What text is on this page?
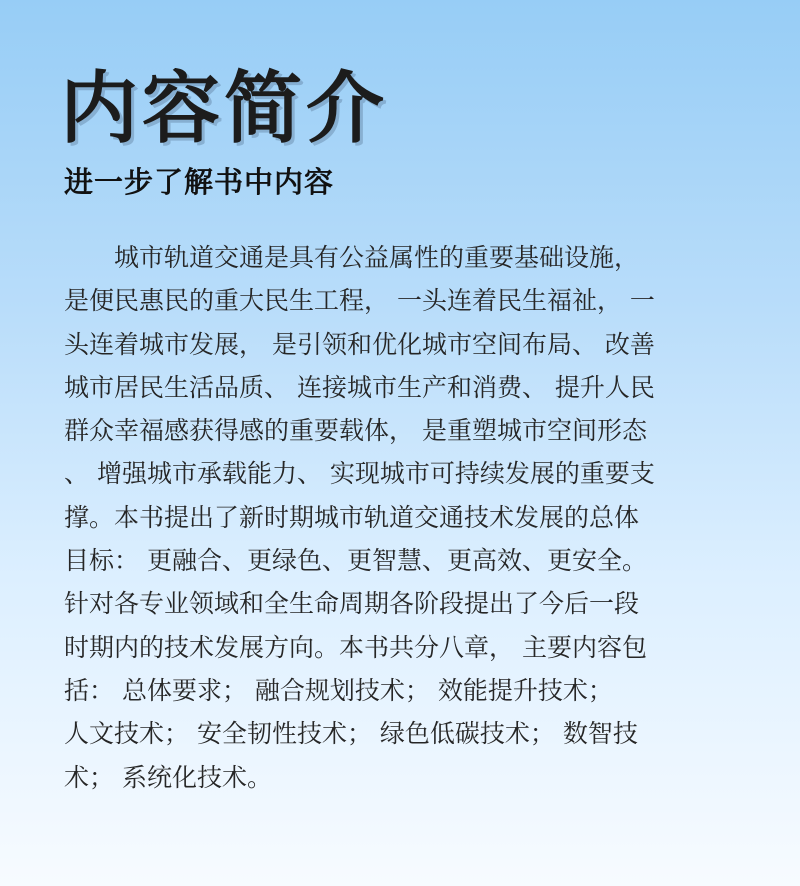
内容简介
进一步了解书中内容
　　城市轨道交通是具有公益属性的重要基础设施，
是便民惠民的重大民生工程， 一头连着民生福祉， 一
头连着城市发展， 是引领和优化城市空间布局、 改善
城市居民生活品质、 连接城市生产和消费、 提升人民
群众幸福感获得感的重要载体， 是重塑城市空间形态
、 增强城市承载能力、 实现城市可持续发展的重要支
撑。本书提出了新时期城市轨道交通技术发展的总体
目标： 更融合、更绿色、更智慧、更高效、更安全。
针对各专业领域和全生命周期各阶段提出了今后一段
时期内的技术发展方向。本书共分八章， 主要内容包
括： 总体要求； 融合规划技术； 效能提升技术；
人文技术； 安全韧性技术； 绿色低碳技术； 数智技
术； 系统化技术。
